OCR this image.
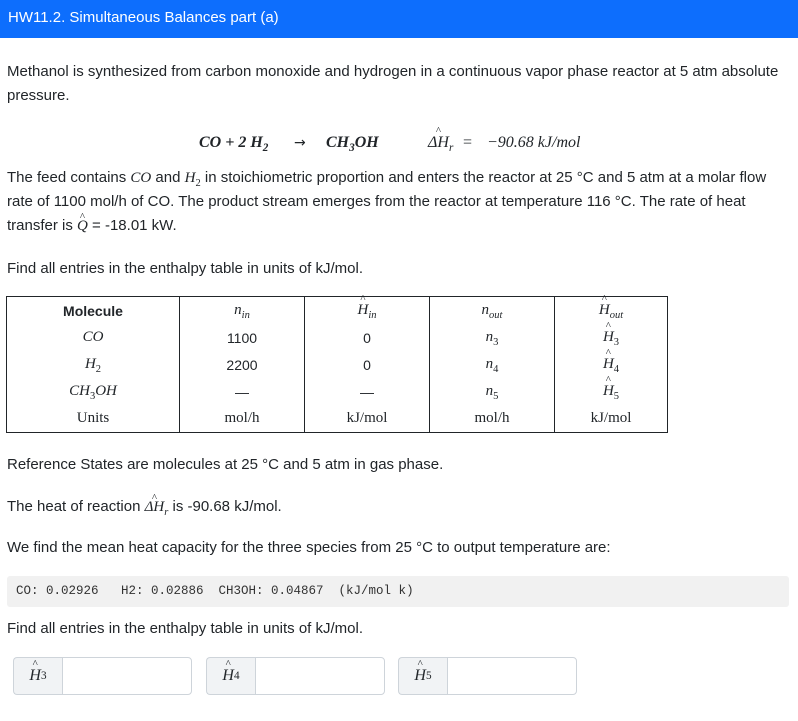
HW11.2. Simultaneous Balances part (a)
Methanol is synthesized from carbon monoxide and hydrogen in a continuous vapor phase reactor at 5 atm absolute pressure.
CO + 2 $H_2 \to CH_3OH$	^ $\Delta H_r = -90.68$ kJ/mol
The feed contains CO and $H_2$ in stoichiometric proportion and enters the reactor at 25 °C and 5 atm at a molar flow rate of 1100 mol/h of CO. The product stream emerges from the reactor at temperature 116 °C. The rate of heat transfer is ^ Q = -18.01 kW.
Find all entries in the enthalpy table in units of kJ/mol.
Molecule	$n_{in}$	^ $H_{in}$	$n_{out}$	^ $H_{out}$
CO	1100	0	$n_3$	^ $H_3$
$H_2$	2200	0	$n_4$	^ $H_4$
$CH_3OH$	—	—	$n_5$	^ $H_5$
Units	mol/h	kJ/mol	mol/h	kJ/mol
Reference States are molecules at 25 °C and 5 atm in gas phase.
The heat of reaction ^ $\Delta H_r$ is -90.68 kJ/mol.
We find the mean heat capacity for the three species from 25 °C to output temperature are:
CO: 0.02926   H2: 0.02886  CH3OH: 0.04867  (kJ/mol k)
Find all entries in the enthalpy table in units of kJ/mol.
^ H 3	^ H 4	^ H 5
